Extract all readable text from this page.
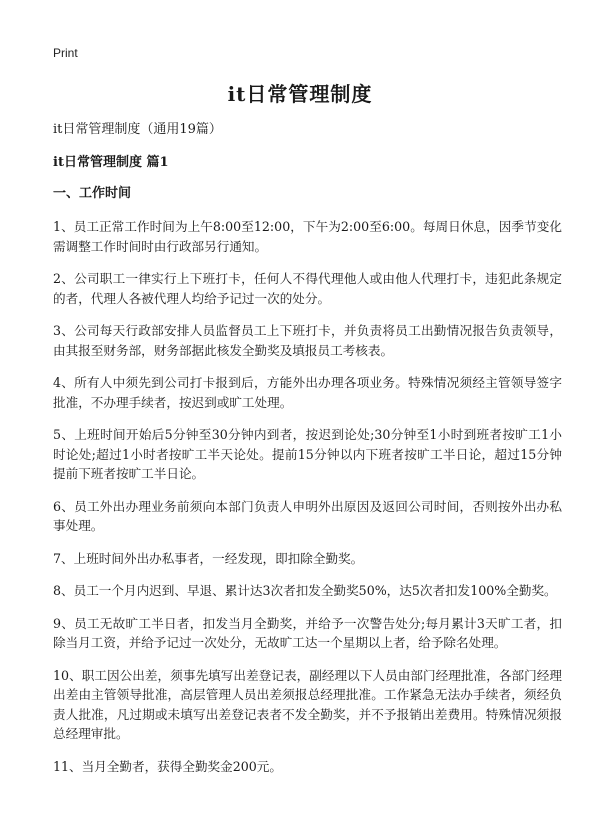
Print
it日常管理制度

it日常管理制度（通用19篇）

it日常管理制度 篇1

一、工作时间

1、员工正常工作时间为上午8:00至12:00，下午为2:00至6:00。每周日休息，因季节变化需调整工作时间时由行政部另行通知。

2、公司职工一律实行上下班打卡，任何人不得代理他人或由他人代理打卡，违犯此条规定的者，代理人各被代理人均给予记过一次的处分。

3、公司每天行政部安排人员监督员工上下班打卡，并负责将员工出勤情况报告负责领导，由其报至财务部，财务部据此核发全勤奖及填报员工考核表。

4、所有人中须先到公司打卡报到后，方能外出办理各项业务。特殊情况须经主管领导签字批准，不办理手续者，按迟到或旷工处理。

5、上班时间开始后5分钟至30分钟内到者，按迟到论处;30分钟至1小时到班者按旷工1小时论处;超过1小时者按旷工半天论处。提前15分钟以内下班者按旷工半日论，超过15分钟提前下班者按旷工半日论。

6、员工外出办理业务前须向本部门负责人申明外出原因及返回公司时间，否则按外出办私事处理。

7、上班时间外出办私事者，一经发现，即扣除全勤奖。

8、员工一个月内迟到、早退、累计达3次者扣发全勤奖50%，达5次者扣发100%全勤奖。

9、员工无故旷工半日者，扣发当月全勤奖，并给予一次警告处分;每月累计3天旷工者，扣除当月工资，并给予记过一次处分，无故旷工达一个星期以上者，给予除名处理。

10、职工因公出差，须事先填写出差登记表，副经理以下人员由部门经理批准，各部门经理出差由主管领导批准，高层管理人员出差须报总经理批准。工作紧急无法办手续者，须经负责人批准，凡过期或未填写出差登记表者不发全勤奖，并不予报销出差费用。特殊情况须报总经理审批。

11、当月全勤者，获得全勤奖金200元。
